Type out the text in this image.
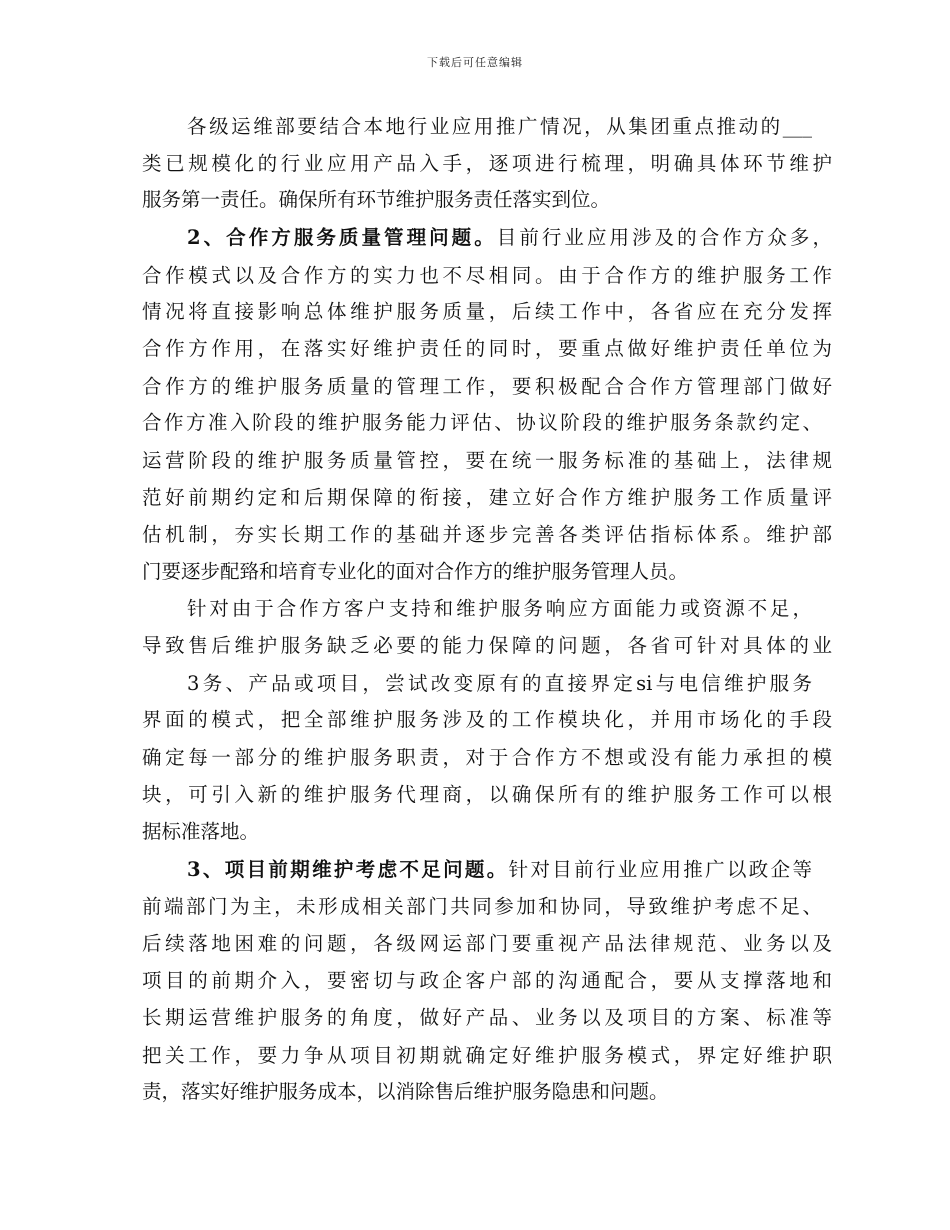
下载后可任意编辑
各级运维部要结合本地行业应用推广情况，从集团重点推动的___
类已规模化的行业应用产品入手，逐项进行梳理，明确具体环节维护
服务第一责任。确保所有环节维护服务责任落实到位。
2、合作方服务质量管理问题。目前行业应用涉及的合作方众多，
合作模式以及合作方的实力也不尽相同。由于合作方的维护服务工作
情况将直接影响总体维护服务质量，后续工作中，各省应在充分发挥
合作方作用，在落实好维护责任的同时，要重点做好维护责任单位为
合作方的维护服务质量的管理工作，要积极配合合作方管理部门做好
合作方准入阶段的维护服务能力评估、协议阶段的维护服务条款约定、
运营阶段的维护服务质量管控，要在统一服务标准的基础上，法律规
范好前期约定和后期保障的衔接，建立好合作方维护服务工作质量评
估机制，夯实长期工作的基础并逐步完善各类评估指标体系。维护部
门要逐步配臵和培育专业化的面对合作方的维护服务管理人员。
针对由于合作方客户支持和维护服务响应方面能力或资源不足，
导致售后维护服务缺乏必要的能力保障的问题，各省可针对具体的业
3务、产品或项目，尝试改变原有的直接界定si与电信维护服务
界面的模式，把全部维护服务涉及的工作模块化，并用市场化的手段
确定每一部分的维护服务职责，对于合作方不想或没有能力承担的模
块，可引入新的维护服务代理商，以确保所有的维护服务工作可以根
据标准落地。
3、项目前期维护考虑不足问题。针对目前行业应用推广以政企等
前端部门为主，未形成相关部门共同参加和协同，导致维护考虑不足、
后续落地困难的问题，各级网运部门要重视产品法律规范、业务以及
项目的前期介入，要密切与政企客户部的沟通配合，要从支撑落地和
长期运营维护服务的角度，做好产品、业务以及项目的方案、标准等
把关工作，要力争从项目初期就确定好维护服务模式，界定好维护职
责，落实好维护服务成本，以消除售后维护服务隐患和问题。
